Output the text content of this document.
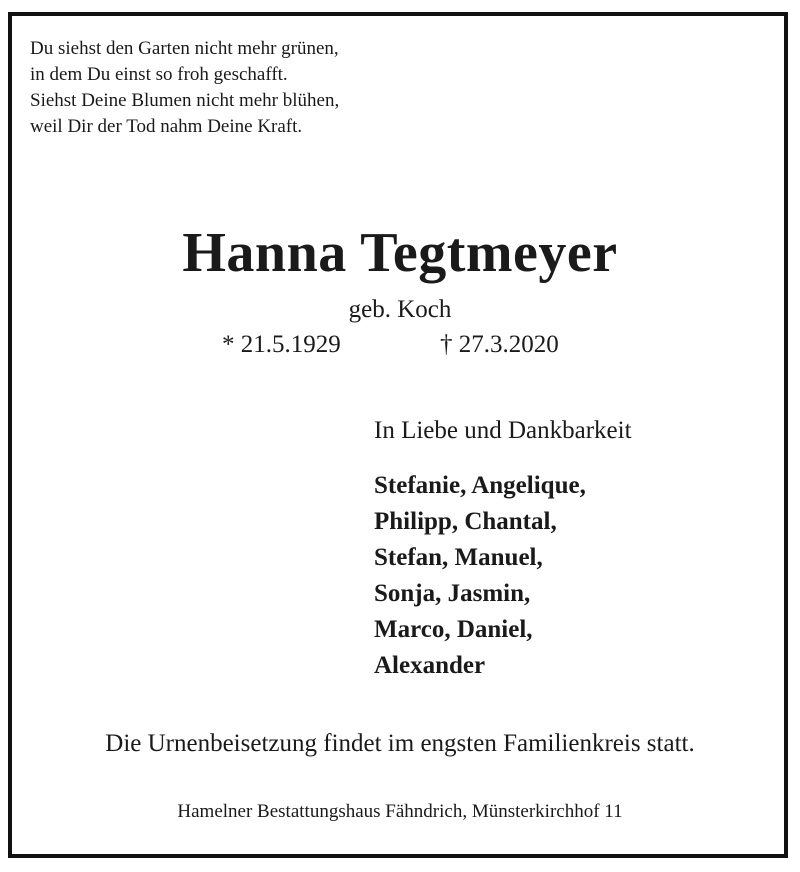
Du siehst den Garten nicht mehr grünen,
in dem Du einst so froh geschafft.
Siehst Deine Blumen nicht mehr blühen,
weil Dir der Tod nahm Deine Kraft.
Hanna Tegtmeyer
geb. Koch
* 21.5.1929	† 27.3.2020
In Liebe und Dankbarkeit
Stefanie, Angelique,
Philipp, Chantal,
Stefan, Manuel,
Sonja, Jasmin,
Marco, Daniel,
Alexander
Die Urnenbeisetzung findet im engsten Familienkreis statt.
Hamelner Bestattungshaus Fähndrich, Münsterkirchhof 11
